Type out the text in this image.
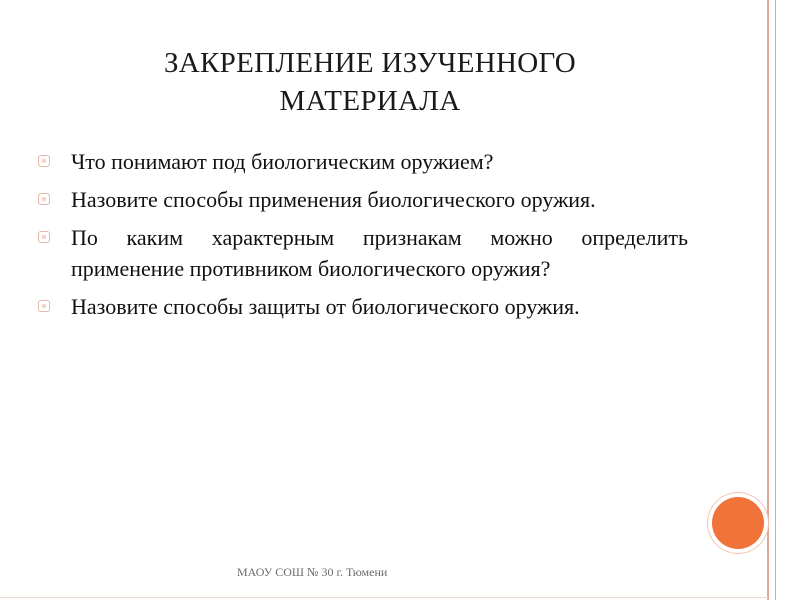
ЗАКРЕПЛЕНИЕ ИЗУЧЕННОГО
МАТЕРИАЛА
Что понимают под биологическим оружием?
Назовите способы применения биологического оружия.
По каким характерным признакам можно определить применение противником биологического оружия?
Назовите способы защиты от биологического оружия.
МАОУ СОШ № 30 г. Тюмени
